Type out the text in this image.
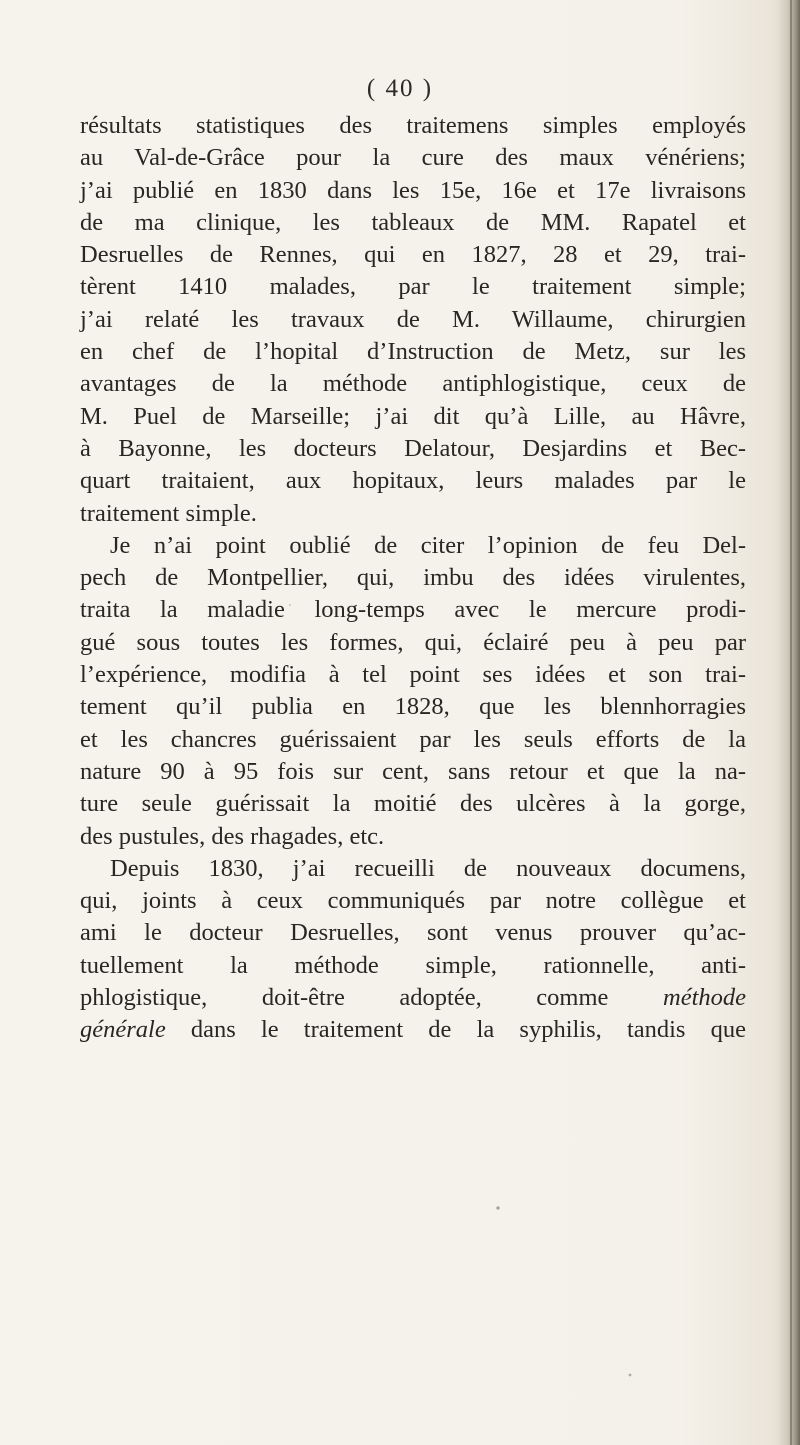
( 40 )
résultats statistiques des traitemens simples employés
au Val-de-Grâce pour la cure des maux vénériens;
j’ai publié en 1830 dans les 15e, 16e et 17e livraisons
de ma clinique, les tableaux de MM. Rapatel et
Desruelles de Rennes, qui en 1827, 28 et 29, trai-
tèrent 1410 malades, par le traitement simple;
j’ai relaté les travaux de M. Willaume, chirurgien
en chef de l’hopital d’Instruction de Metz, sur les
avantages de la méthode antiphlogistique, ceux de
M. Puel de Marseille; j’ai dit qu’à Lille, au Hâvre,
à Bayonne, les docteurs Delatour, Desjardins et Bec-
quart traitaient, aux hopitaux, leurs malades par le
traitement simple.
Je n’ai point oublié de citer l’opinion de feu Del-
pech de Montpellier, qui, imbu des idées virulentes,
traita la maladie long-temps avec le mercure prodi-
gué sous toutes les formes, qui, éclairé peu à peu par
l’expérience, modifia à tel point ses idées et son trai-
tement qu’il publia en 1828, que les blennhorragies
et les chancres guérissaient par les seuls efforts de la
nature 90 à 95 fois sur cent, sans retour et que la na-
ture seule guérissait la moitié des ulcères à la gorge,
des pustules, des rhagades, etc.
Depuis 1830, j’ai recueilli de nouveaux documens,
qui, joints à ceux communiqués par notre collègue et
ami le docteur Desruelles, sont venus prouver qu’ac-
tuellement la méthode simple, rationnelle, anti-
phlogistique, doit-être adoptée, comme méthode
générale dans le traitement de la syphilis, tandis que
